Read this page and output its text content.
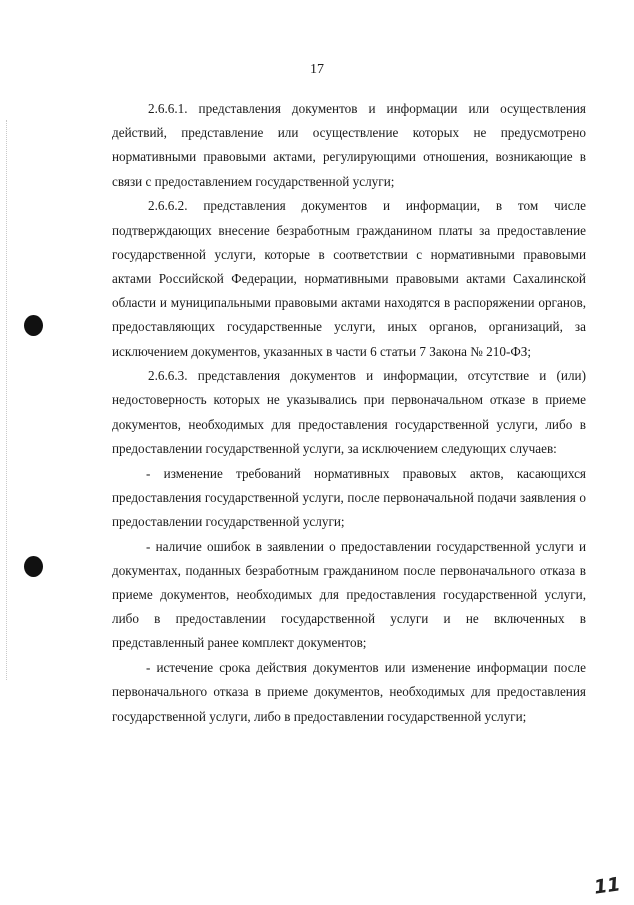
17

2.6.6.1. представления документов и информации или осуществления действий, представление или осуществление которых не предусмотрено нормативными правовыми актами, регулирующими отношения, возникающие в связи с предоставлением государственной услуги;

2.6.6.2. представления документов и информации, в том числе подтверждающих внесение безработным гражданином платы за предоставление государственной услуги, которые в соответствии с нормативными правовыми актами Российской Федерации, нормативными правовыми актами Сахалинской области и муниципальными правовыми актами находятся в распоряжении органов, предоставляющих государственные услуги, иных органов, организаций, за исключением документов, указанных в части 6 статьи 7 Закона № 210-ФЗ;

2.6.6.3. представления документов и информации, отсутствие и (или) недостоверность которых не указывались при первоначальном отказе в приеме документов, необходимых для предоставления государственной услуги, либо в предоставлении государственной услуги, за исключением следующих случаев:

- изменение требований нормативных правовых актов, касающихся предоставления государственной услуги, после первоначальной подачи заявления о предоставлении государственной услуги;

- наличие ошибок в заявлении о предоставлении государственной услуги и документах, поданных безработным гражданином после первоначального отказа в приеме документов, необходимых для предоставления государственной услуги, либо в предоставлении государственной услуги и не включенных в представленный ранее комплект документов;

- истечение срока действия документов или изменение информации после первоначального отказа в приеме документов, необходимых для предоставления государственной услуги, либо в предоставлении государственной услуги;

11
